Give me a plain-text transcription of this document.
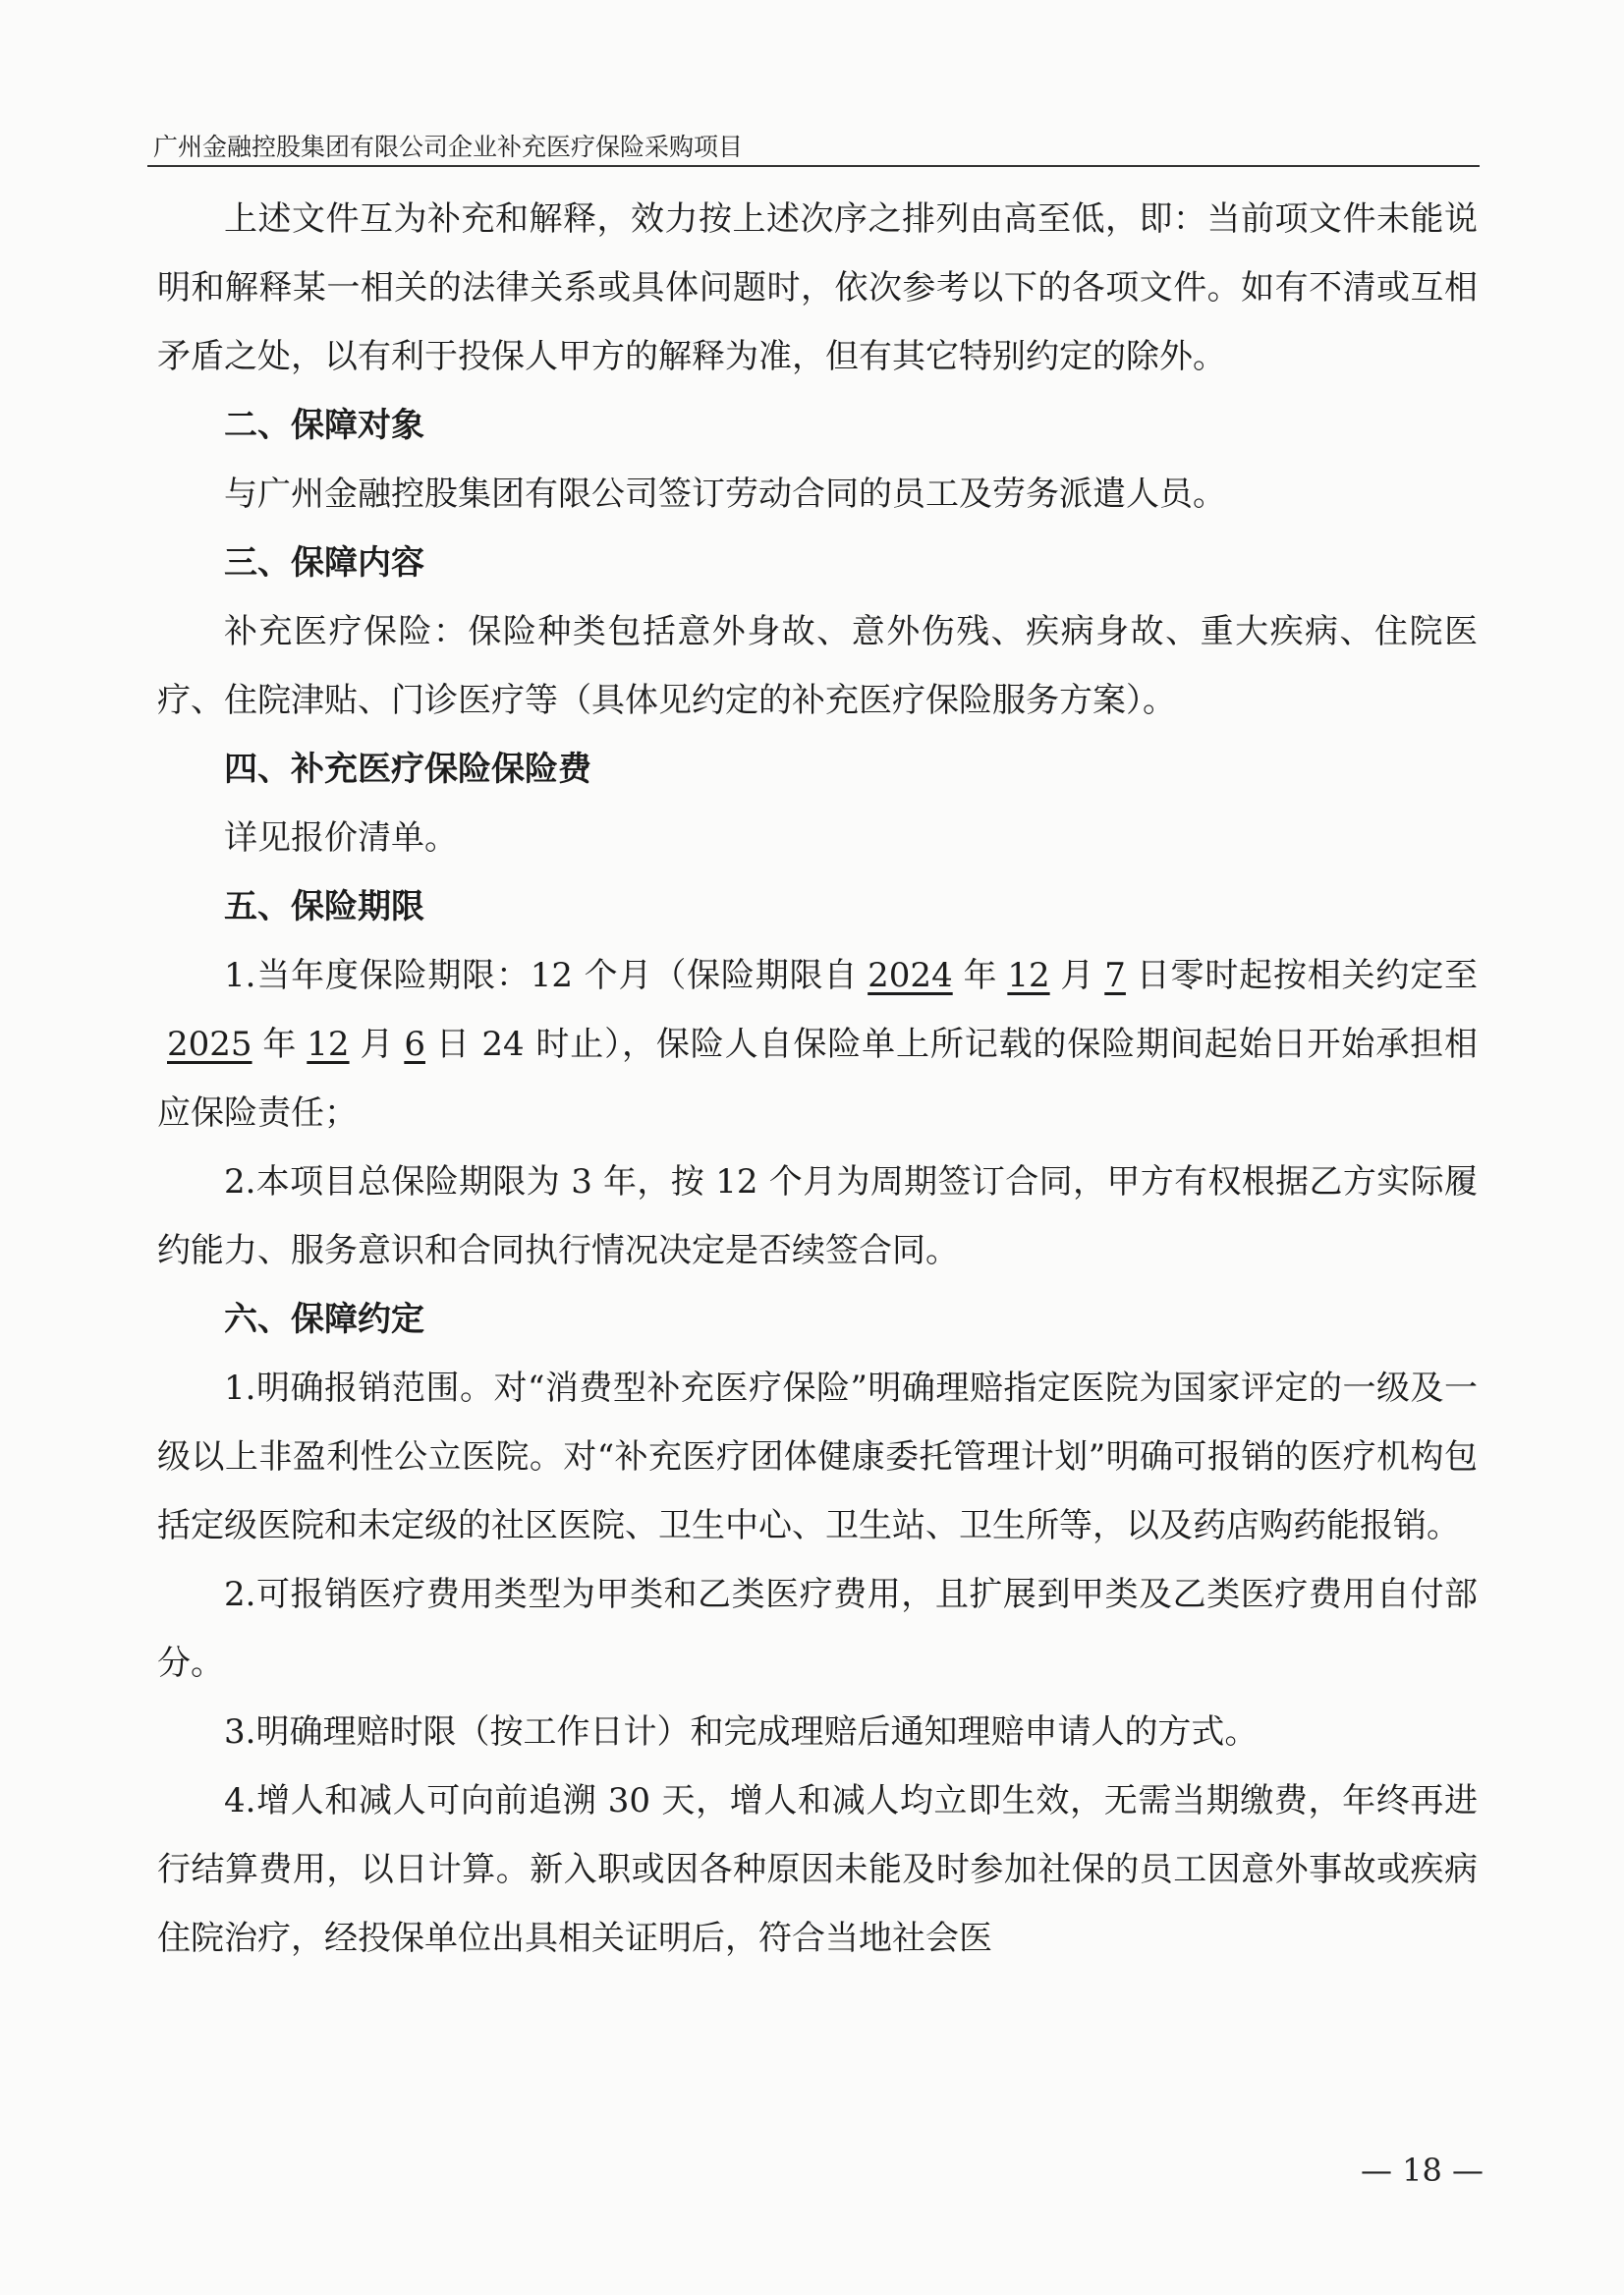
广州金融控股集团有限公司企业补充医疗保险采购项目

上述文件互为补充和解释，效力按上述次序之排列由高至低，即：当前项文件未能说明和解释某一相关的法律关系或具体问题时，依次参考以下的各项文件。如有不清或互相矛盾之处，以有利于投保人甲方的解释为准，但有其它特别约定的除外。

二、保障对象

与广州金融控股集团有限公司签订劳动合同的员工及劳务派遣人员。

三、保障内容

补充医疗保险：保险种类包括意外身故、意外伤残、疾病身故、重大疾病、住院医疗、住院津贴、门诊医疗等（具体见约定的补充医疗保险服务方案）。

四、补充医疗保险保险费

详见报价清单。

五、保险期限

1.当年度保险期限：12 个月（保险期限自 2024 年 12 月 7 日零时起按相关约定至2025 年 12 月 6 日 24 时止），保险人自保险单上所记载的保险期间起始日开始承担相应保险责任；

2.本项目总保险期限为 3 年，按 12 个月为周期签订合同，甲方有权根据乙方实际履约能力、服务意识和合同执行情况决定是否续签合同。

六、保障约定

1.明确报销范围。对“消费型补充医疗保险”明确理赔指定医院为国家评定的一级及一级以上非盈利性公立医院。对“补充医疗团体健康委托管理计划”明确可报销的医疗机构包括定级医院和未定级的社区医院、卫生中心、卫生站、卫生所等，以及药店购药能报销。

2.可报销医疗费用类型为甲类和乙类医疗费用，且扩展到甲类及乙类医疗费用自付部分。

3.明确理赔时限（按工作日计）和完成理赔后通知理赔申请人的方式。

4.增人和减人可向前追溯 30 天，增人和减人均立即生效，无需当期缴费，年终再进行结算费用，以日计算。新入职或因各种原因未能及时参加社保的员工因意外事故或疾病住院治疗，经投保单位出具相关证明后，符合当地社会医

— 18 —
